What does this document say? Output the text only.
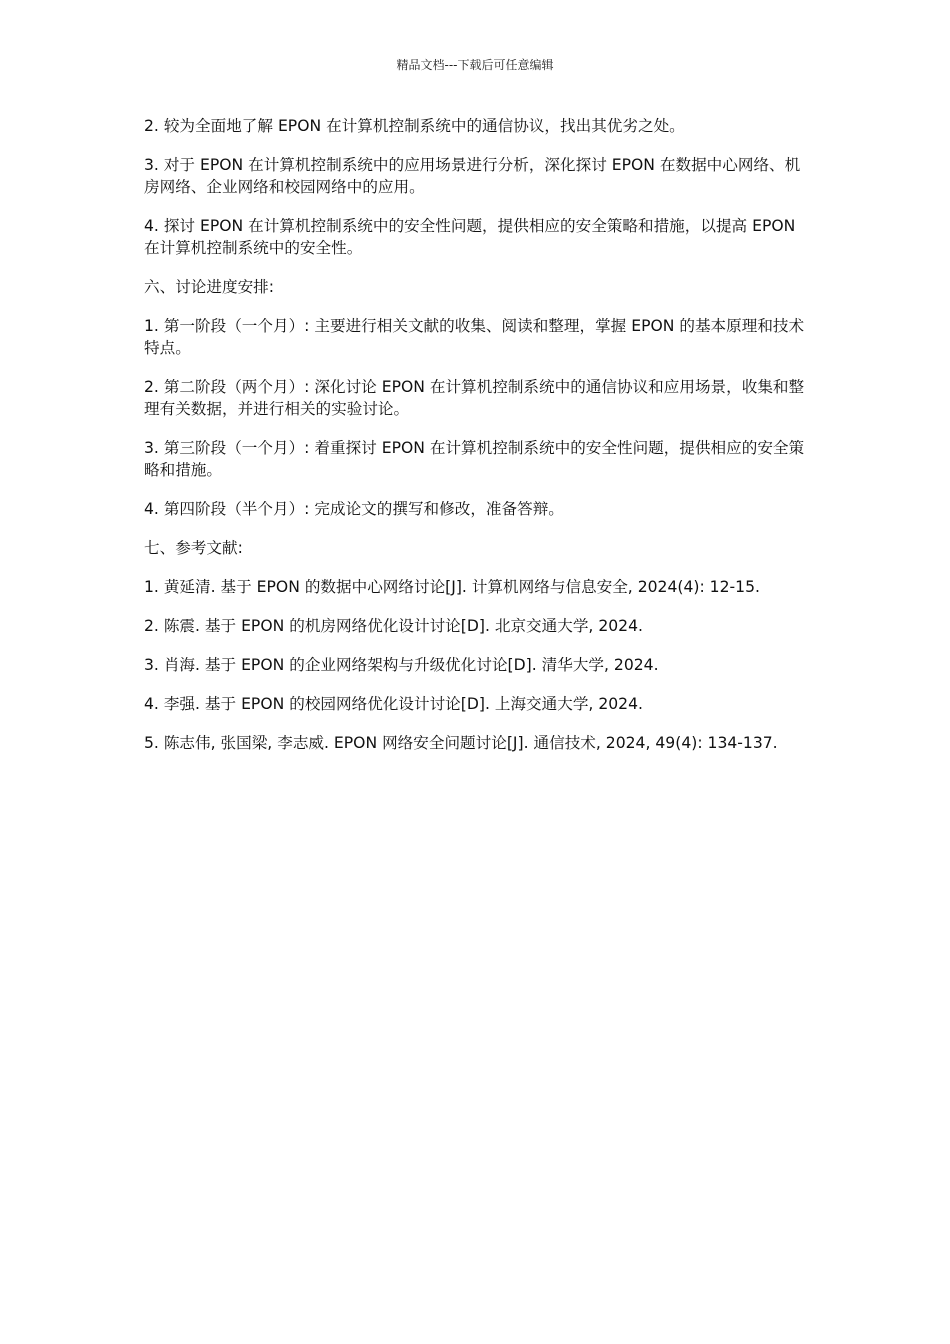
精品文档---下载后可任意编辑

2. 较为全面地了解 EPON 在计算机控制系统中的通信协议，找出其优劣之处。

3. 对于 EPON 在计算机控制系统中的应用场景进行分析，深化探讨 EPON 在数据中心网络、机房网络、企业网络和校园网络中的应用。

4. 探讨 EPON 在计算机控制系统中的安全性问题，提供相应的安全策略和措施，以提高 EPON 在计算机控制系统中的安全性。

六、讨论进度安排:

1. 第一阶段（一个月）: 主要进行相关文献的收集、阅读和整理，掌握 EPON 的基本原理和技术特点。

2. 第二阶段（两个月）: 深化讨论 EPON 在计算机控制系统中的通信协议和应用场景，收集和整理有关数据，并进行相关的实验讨论。

3. 第三阶段（一个月）: 着重探讨 EPON 在计算机控制系统中的安全性问题，提供相应的安全策略和措施。

4. 第四阶段（半个月）: 完成论文的撰写和修改，准备答辩。

七、参考文献:

1. 黄延清. 基于 EPON 的数据中心网络讨论[J]. 计算机网络与信息安全, 2024(4): 12-15.

2. 陈震. 基于 EPON 的机房网络优化设计讨论[D]. 北京交通大学, 2024.

3. 肖海. 基于 EPON 的企业网络架构与升级优化讨论[D]. 清华大学, 2024.

4. 李强. 基于 EPON 的校园网络优化设计讨论[D]. 上海交通大学, 2024.

5. 陈志伟, 张国梁, 李志威. EPON 网络安全问题讨论[J]. 通信技术, 2024, 49(4): 134-137.
